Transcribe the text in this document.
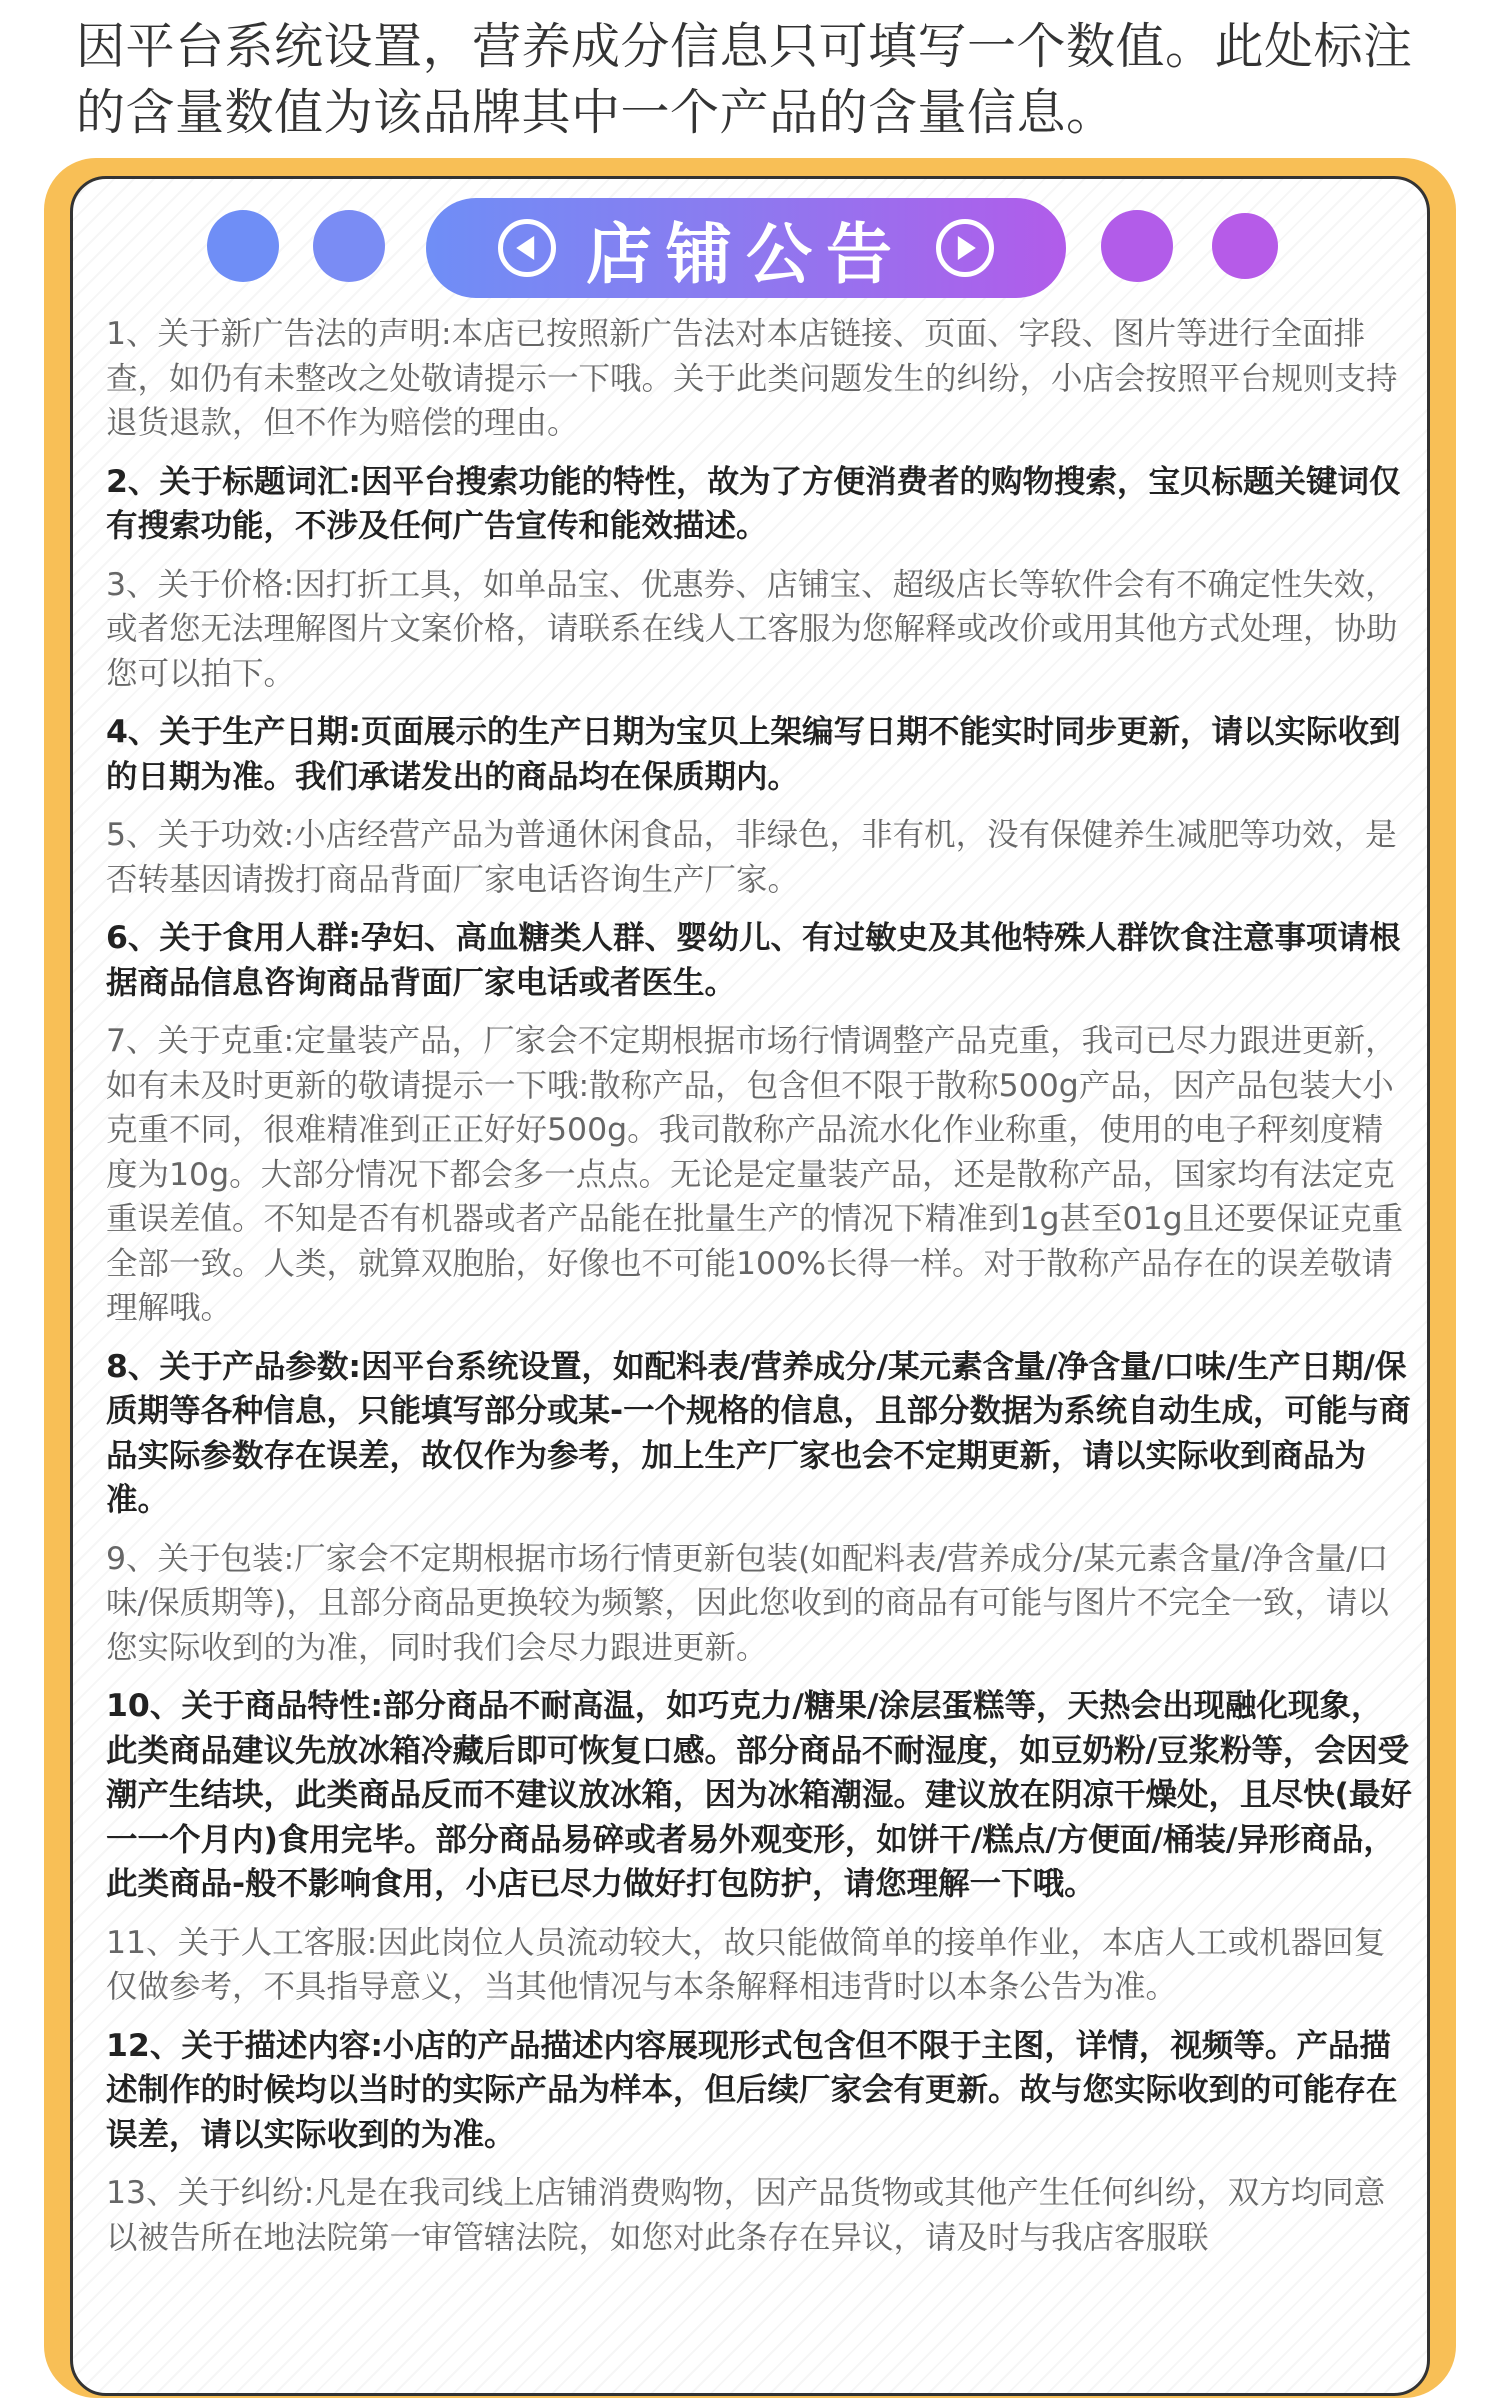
因平台系统设置，营养成分信息只可填写一个数值。此处标注的含量数值为该品牌其中一个产品的含量信息。
店铺公告
1、关于新广告法的声明:本店已按照新广告法对本店链接、页面、字段、图片等进行全面排查，如仍有未整改之处敬请提示一下哦。关于此类问题发生的纠纷，小店会按照平台规则支持退货退款，但不作为赔偿的理由。
2、关于标题词汇:因平台搜索功能的特性，故为了方便消费者的购物搜索，宝贝标题关键词仅有搜索功能，不涉及任何广告宣传和能效描述。
3、关于价格:因打折工具，如单品宝、优惠券、店铺宝、超级店长等软件会有不确定性失效，或者您无法理解图片文案价格，请联系在线人工客服为您解释或改价或用其他方式处理，协助您可以拍下。
4、关于生产日期:页面展示的生产日期为宝贝上架编写日期不能实时同步更新，请以实际收到的日期为准。我们承诺发出的商品均在保质期内。
5、关于功效:小店经营产品为普通休闲食品，非绿色，非有机，没有保健养生减肥等功效，是否转基因请拨打商品背面厂家电话咨询生产厂家。
6、关于食用人群:孕妇、高血糖类人群、婴幼儿、有过敏史及其他特殊人群饮食注意事项请根据商品信息咨询商品背面厂家电话或者医生。
7、关于克重:定量装产品，厂家会不定期根据市场行情调整产品克重，我司已尽力跟进更新，如有未及时更新的敬请提示一下哦:散称产品，包含但不限于散称500g产品，因产品包装大小克重不同，很难精准到正正好好500g。我司散称产品流水化作业称重，使用的电子秤刻度精度为10g。大部分情况下都会多一点点。无论是定量装产品，还是散称产品，国家均有法定克重误差值。不知是否有机器或者产品能在批量生产的情况下精准到1g甚至01g且还要保证克重全部一致。人类，就算双胞胎，好像也不可能100%长得一样。对于散称产品存在的误差敬请理解哦。
8、关于产品参数:因平台系统设置，如配料表/营养成分/某元素含量/净含量/口味/生产日期/保质期等各种信息，只能填写部分或某-一个规格的信息，且部分数据为系统自动生成，可能与商品实际参数存在误差，故仅作为参考，加上生产厂家也会不定期更新，请以实际收到商品为准。
9、关于包装:厂家会不定期根据市场行情更新包装(如配料表/营养成分/某元素含量/净含量/口味/保质期等)，且部分商品更换较为频繁，因此您收到的商品有可能与图片不完全一致，请以您实际收到的为准，同时我们会尽力跟进更新。
10、关于商品特性:部分商品不耐高温，如巧克力/糖果/涂层蛋糕等，天热会出现融化现象，此类商品建议先放冰箱冷藏后即可恢复口感。部分商品不耐湿度，如豆奶粉/豆浆粉等，会因受潮产生结块，此类商品反而不建议放冰箱，因为冰箱潮湿。建议放在阴凉干燥处，且尽快(最好一一个月内)食用完毕。部分商品易碎或者易外观变形，如饼干/糕点/方便面/桶装/异形商品，此类商品-般不影响食用，小店已尽力做好打包防护，请您理解一下哦。
11、关于人工客服:因此岗位人员流动较大，故只能做简单的接单作业，本店人工或机器回复仅做参考，不具指导意义，当其他情况与本条解释相违背时以本条公告为准。
12、关于描述内容:小店的产品描述内容展现形式包含但不限于主图，详情，视频等。产品描述制作的时候均以当时的实际产品为样本，但后续厂家会有更新。故与您实际收到的可能存在误差，请以实际收到的为准。
13、关于纠纷:凡是在我司线上店铺消费购物，因产品货物或其他产生任何纠纷，双方均同意以被告所在地法院第一审管辖法院，如您对此条存在异议，请及时与我店客服联
